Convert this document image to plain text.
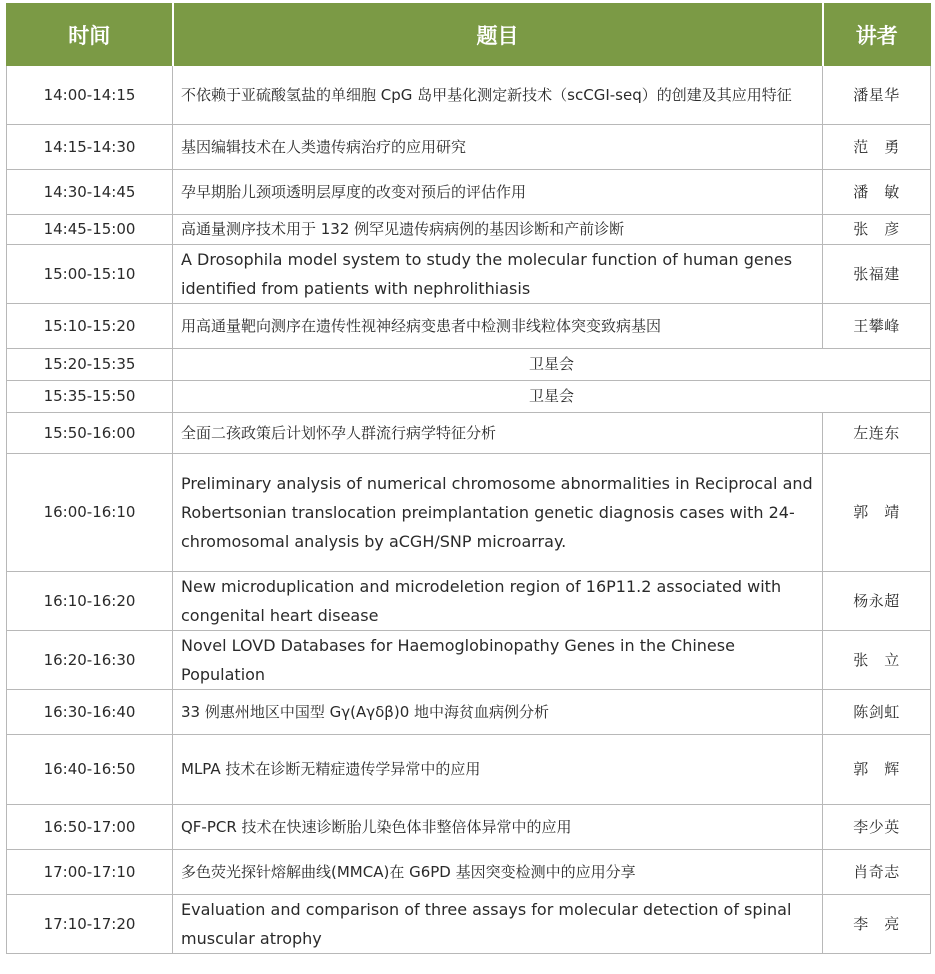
时间	题目	讲者
14:00-14:15	不依赖于亚硫酸氢盐的单细胞 CpG 岛甲基化测定新技术（scCGI-seq）的创建及其应用特征	潘星华
14:15-14:30	基因编辑技术在人类遗传病治疗的应用研究	范　勇
14:30-14:45	孕早期胎儿颈项透明层厚度的改变对预后的评估作用	潘　敏
14:45-15:00	高通量测序技术用于 132 例罕见遗传病病例的基因诊断和产前诊断	张　彦
15:00-15:10	A Drosophila model system to study the molecular function of human genes identified from patients with nephrolithiasis	张福建
15:10-15:20	用高通量靶向测序在遗传性视神经病变患者中检测非线粒体突变致病基因	王攀峰
15:20-15:35	卫星会	
15:35-15:50	卫星会	
15:50-16:00	全面二孩政策后计划怀孕人群流行病学特征分析	左连东
16:00-16:10	Preliminary analysis of numerical chromosome abnormalities in Reciprocal and Robertsonian translocation preimplantation genetic diagnosis cases with 24-chromosomal analysis by aCGH/SNP microarray.	郭　靖
16:10-16:20	New microduplication and microdeletion region of 16P11.2 associated with congenital heart disease	杨永超
16:20-16:30	Novel LOVD Databases for Haemoglobinopathy Genes in the Chinese Population	张　立
16:30-16:40	33 例惠州地区中国型 Gγ(Aγδβ)0 地中海贫血病例分析	陈剑虹
16:40-16:50	MLPA 技术在诊断无精症遗传学异常中的应用	郭　辉
16:50-17:00	QF-PCR 技术在快速诊断胎儿染色体非整倍体异常中的应用	李少英
17:00-17:10	多色荧光探针熔解曲线(MMCA)在 G6PD 基因突变检测中的应用分享	肖奇志
17:10-17:20	Evaluation and comparison of three assays for molecular detection of spinal muscular atrophy	李　亮
